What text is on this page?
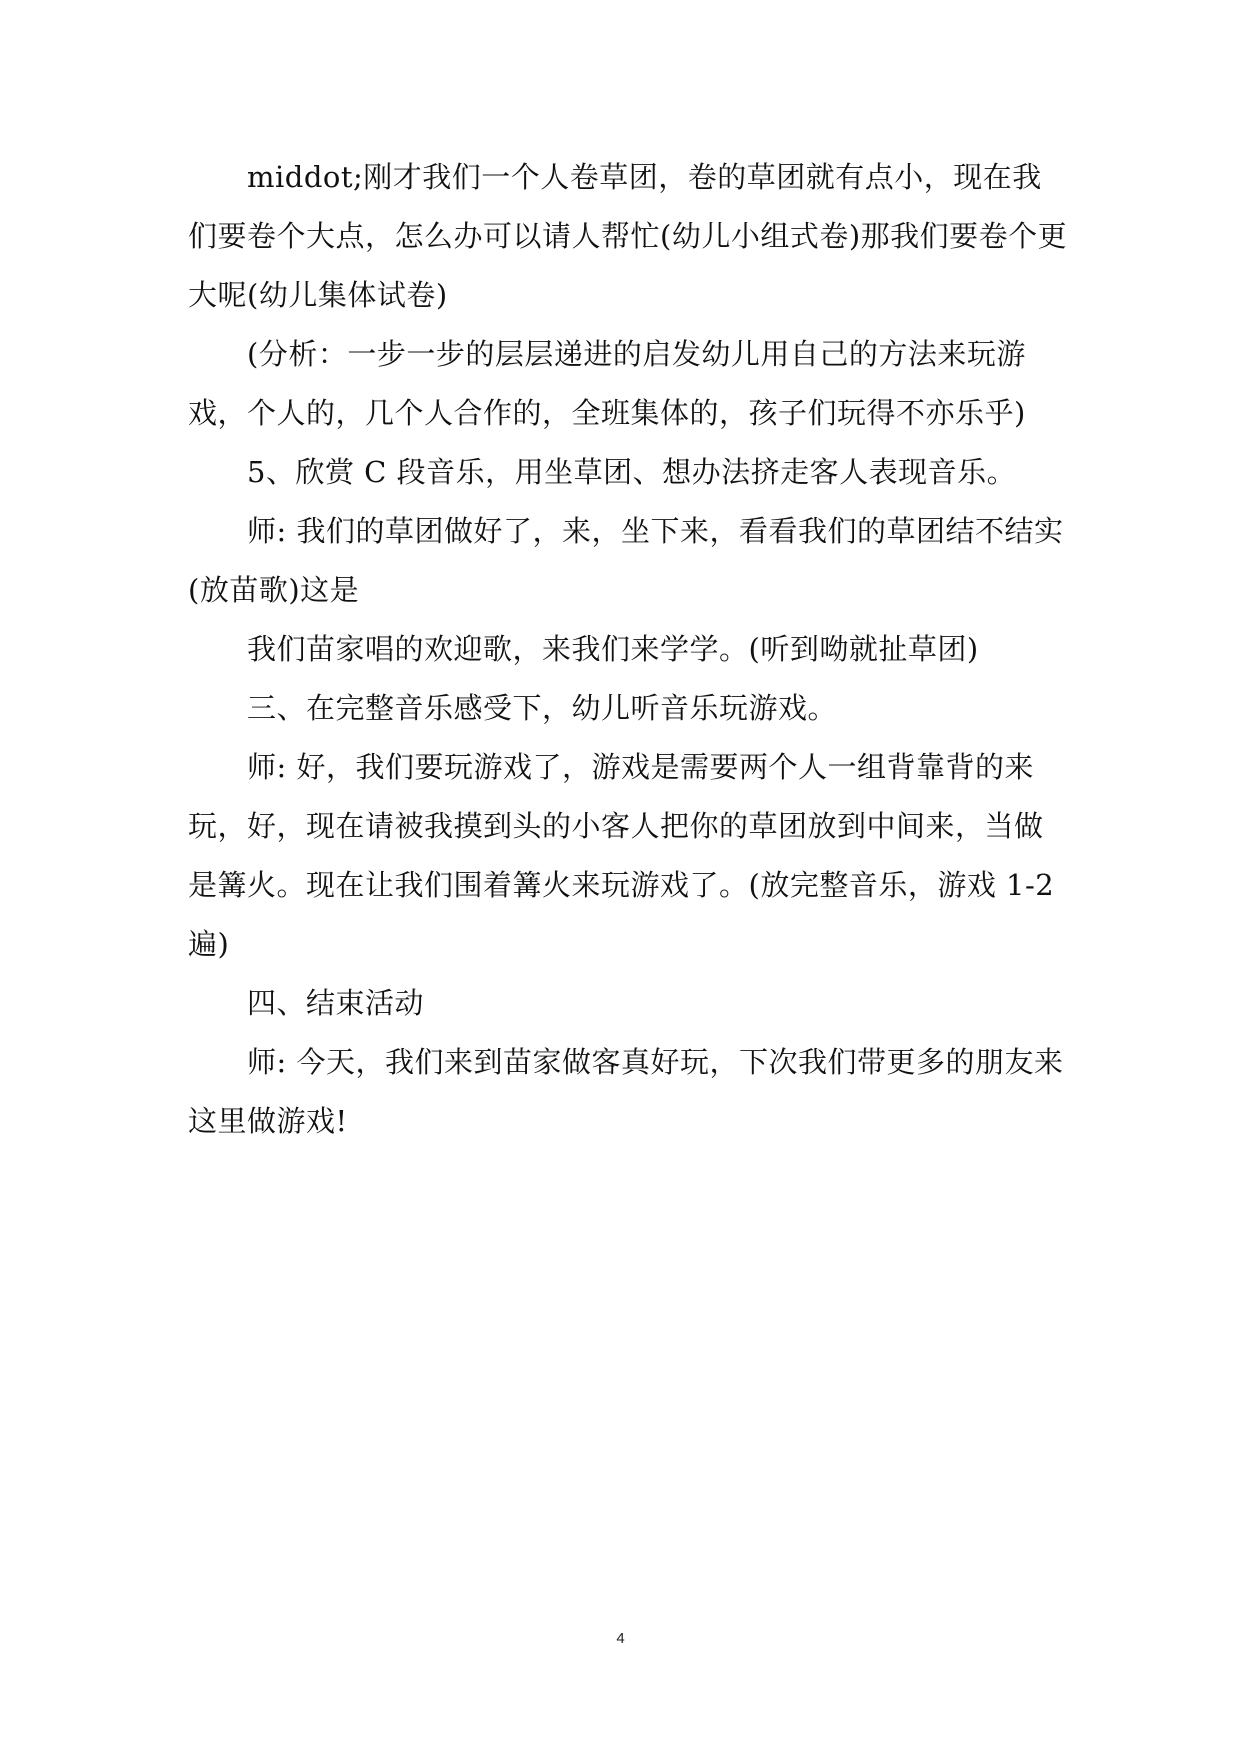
middot;刚才我们一个人卷草团，卷的草团就有点小，现在我们要卷个大点，怎么办可以请人帮忙(幼儿小组式卷)那我们要卷个更大呢(幼儿集体试卷)

(分析：一步一步的层层递进的启发幼儿用自己的方法来玩游戏，个人的，几个人合作的，全班集体的，孩子们玩得不亦乐乎)

5、欣赏 C 段音乐，用坐草团、想办法挤走客人表现音乐。

师: 我们的草团做好了，来，坐下来，看看我们的草团结不结实(放苗歌)这是

我们苗家唱的欢迎歌，来我们来学学。(听到呦就扯草团)

三、在完整音乐感受下，幼儿听音乐玩游戏。

师: 好，我们要玩游戏了，游戏是需要两个人一组背靠背的来玩，好，现在请被我摸到头的小客人把你的草团放到中间来，当做是篝火。现在让我们围着篝火来玩游戏了。(放完整音乐，游戏 1-2 遍)

四、结束活动

师: 今天，我们来到苗家做客真好玩，下次我们带更多的朋友来这里做游戏!

4
